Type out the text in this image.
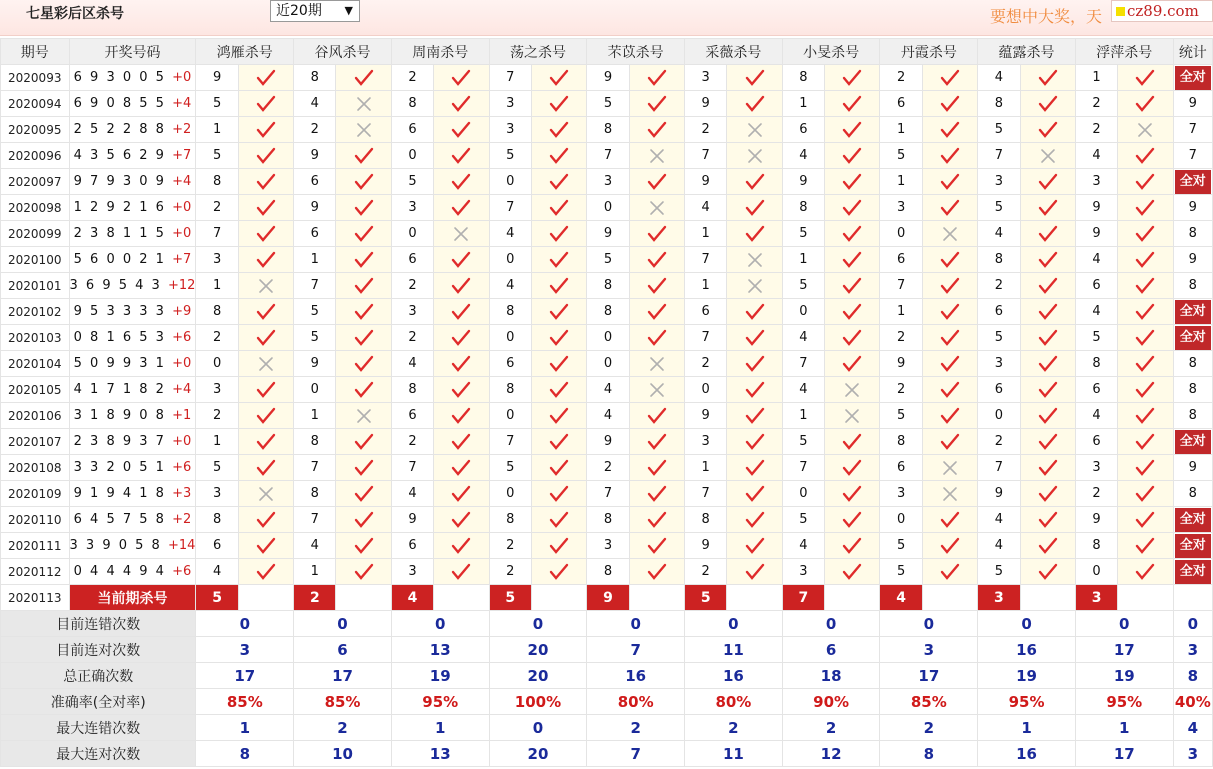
七星彩后区杀号	近20期 ▼	要想中大奖，天	cz89.com
期号	开奖号码	鸿雁杀号		谷风杀号		周南杀号		荡之杀号		芣苡杀号		采薇杀号		小旻杀号		丹霞杀号		蕴露杀号		浮萍杀号		统计
2020093	6 9 3 0 0 5 +0	9		8		2		7		9		3		8		2		4		1		全对
2020094	6 9 0 8 5 5 +4	5		4		8		3		5		9		1		6		8		2		9
2020095	2 5 2 2 8 8 +2	1		2		6		3		8		2		6		1		5		2		7
2020096	4 3 5 6 2 9 +7	5		9		0		5		7		7		4		5		7		4		7
2020097	9 7 9 3 0 9 +4	8		6		5		0		3		9		9		1		3		3		全对
2020098	1 2 9 2 1 6 +0	2		9		3		7		0		4		8		3		5		9		9
2020099	2 3 8 1 1 5 +0	7		6		0		4		9		1		5		0		4		9		8
2020100	5 6 0 0 2 1 +7	3		1		6		0		5		7		1		6		8		4		9
2020101	3 6 9 5 4 3 +12	1		7		2		4		8		1		5		7		2		6		8
2020102	9 5 3 3 3 3 +9	8		5		3		8		8		6		0		1		6		4		全对
2020103	0 8 1 6 5 3 +6	2		5		2		0		0		7		4		2		5		5		全对
2020104	5 0 9 9 3 1 +0	0		9		4		6		0		2		7		9		3		8		8
2020105	4 1 7 1 8 2 +4	3		0		8		8		4		0		4		2		6		6		8
2020106	3 1 8 9 0 8 +1	2		1		6		0		4		9		1		5		0		4		8
2020107	2 3 8 9 3 7 +0	1		8		2		7		9		3		5		8		2		6		全对
2020108	3 3 2 0 5 1 +6	5		7		7		5		2		1		7		6		7		3		9
2020109	9 1 9 4 1 8 +3	3		8		4		0		7		7		0		3		9		2		8
2020110	6 4 5 7 5 8 +2	8		7		9		8		8		8		5		0		4		9		全对
2020111	3 3 9 0 5 8 +14	6		4		6		2		3		9		4		5		4		8		全对
2020112	0 4 4 4 9 4 +6	4		1		3		2		8		2		3		5		5		0		全对
2020113	当前期杀号	5		2		4		5		9		5		7		4		3		3		
目前连错次数		0		0		0		0		0		0		0		0		0		0		0
目前连对次数		3		6		13		20		7		11		6		3		16		17		3
总正确次数		17		17		19		20		16		16		18		17		19		19		8
准确率(全对率)		85%		85%		95%		100%		80%		80%		90%		85%		95%		95%		40%
最大连错次数		1		2		1		0		2		2		2		2		1		1		4
最大连对次数		8		10		13		20		7		11		12		8		16		17		3
